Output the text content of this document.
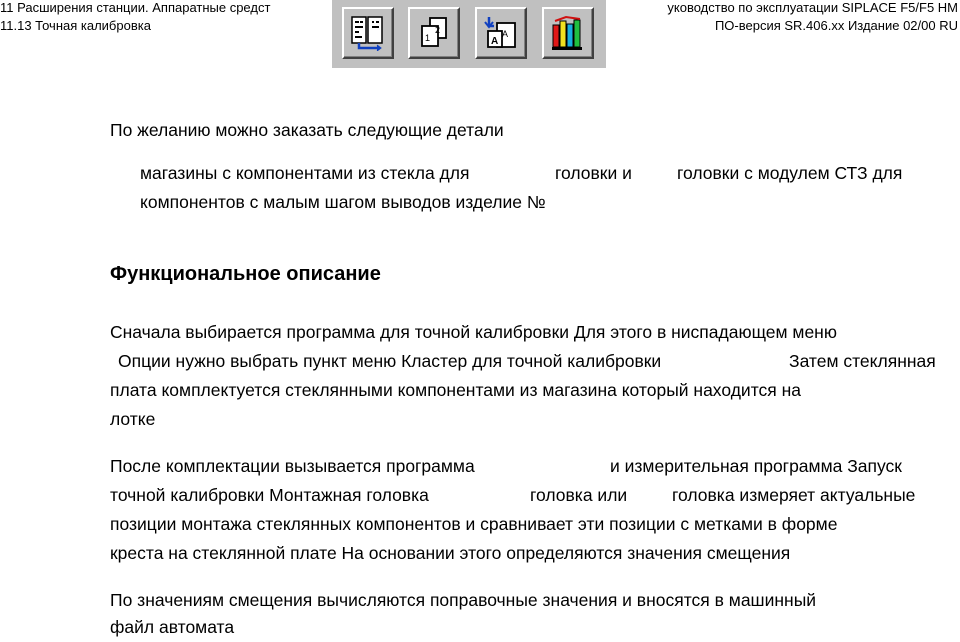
11 Расширения станции. Аппаратные средст
11.13 Точная калибровка
уководство по эксплуатации SIPLACE F5/F5 HM
ПО-версия SR.406.xx Издание 02/00 RU
2
1	A
A
По желанию можно заказать следующие детали
магазины с компонентами из стекла для	головки и	головки с модулем СТЗ для
компонентов с малым шагом выводов изделие №
Функциональное описание
Сначала выбирается программа для точной калибровки Для этого в ниспадающем меню
Опции нужно выбрать пункт меню Кластер для точной калибровки	Затем стеклянная
плата комплектуется стеклянными компонентами из магазина который находится на
лотке
После комплектации вызывается программа	и измерительная программа Запуск
точной калибровки Монтажная головка	головка или	головка измеряет актуальные
позиции монтажа стеклянных компонентов и сравнивает эти позиции с метками в форме
креста на стеклянной плате На основании этого определяются значения смещения
По значениям смещения вычисляются поправочные значения и вносятся в машинный
файл автомата
